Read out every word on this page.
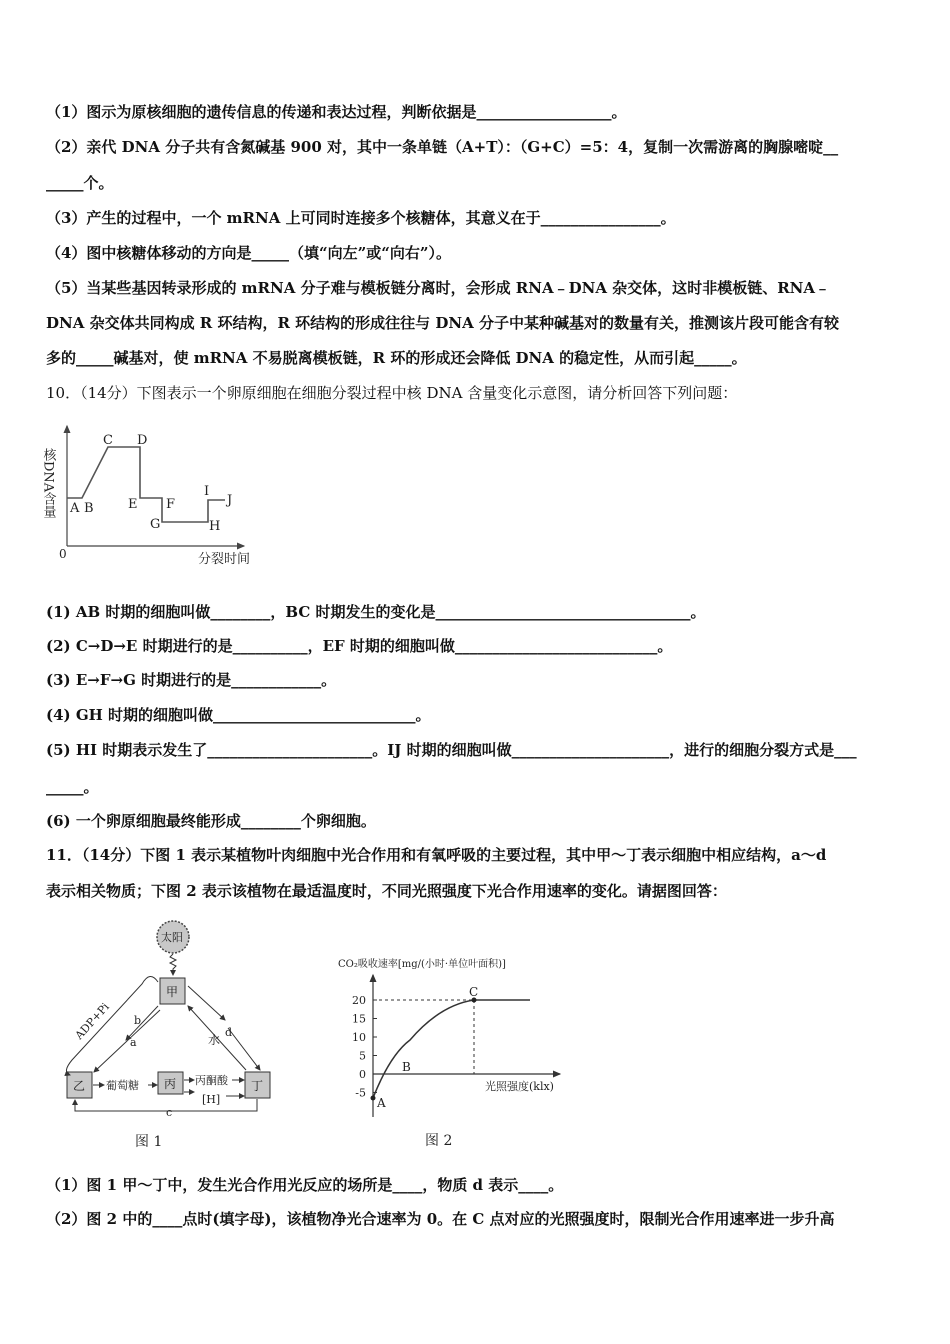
（1）图示为原核细胞的遗传信息的传递和表达过程，判断依据是__________________。
（2）亲代 DNA 分子共有含氮碱基 900 对，其中一条单链（A+T）：（G+C）=5：4，复制一次需游离的胸腺嘧啶__
_____个。
（3）产生的过程中，一个 mRNA 上可同时连接多个核糖体，其意义在于________________。
（4）图中核糖体移动的方向是_____（填“向左”或“向右”）。
（5）当某些基因转录形成的 mRNA 分子难与模板链分离时，会形成 RNA﹣DNA 杂交体，这时非模板链、RNA﹣
DNA 杂交体共同构成 R 环结构，R 环结构的形成往往与 DNA 分子中某种碱基对的数量有关，推测该片段可能含有较
多的_____碱基对，使 mRNA 不易脱离模板链，R 环的形成还会降低 DNA 的稳定性，从而引起_____。
10．（14分）下图表示一个卵原细胞在细胞分裂过程中核 DNA 含量变化示意图，请分析回答下列问题：
核DNA含量
0	分裂时间
A B
C D
E F
G	H
I
J
(1) AB 时期的细胞叫做________，BC 时期发生的变化是__________________________________。
(2) C→D→E 时期进行的是__________，EF 时期的细胞叫做___________________________。
(3) E→F→G 时期进行的是____________。
(4) GH 时期的细胞叫做___________________________。
(5) HI 时期表示发生了______________________。IJ 时期的细胞叫做_____________________，进行的细胞分裂方式是___
_____。
(6) 一个卵原细胞最终能形成________个卵细胞。
11．（14分）下图 1 表示某植物叶肉细胞中光合作用和有氧呼吸的主要过程，其中甲～丁表示细胞中相应结构，a～d
表示相关物质；下图 2 表示该植物在最适温度时，不同光照强度下光合作用速率的变化。请据图回答：
太阳
甲
乙	丙	丁
ADP+Pi b
a	水
d
葡萄糖	丙酮酸
[H]
c
图 1
CO₂吸收速率[mg/(小时·单位叶面积)]
20
15
10
5
0
-5
A
B
C
光照强度(klx)
图 2
（1）图 1 甲～丁中，发生光合作用光反应的场所是____，物质 d 表示____。
（2）图 2 中的____点时(填字母)，该植物净光合速率为 0。在 C 点对应的光照强度时，限制光合作用速率进一步升高
